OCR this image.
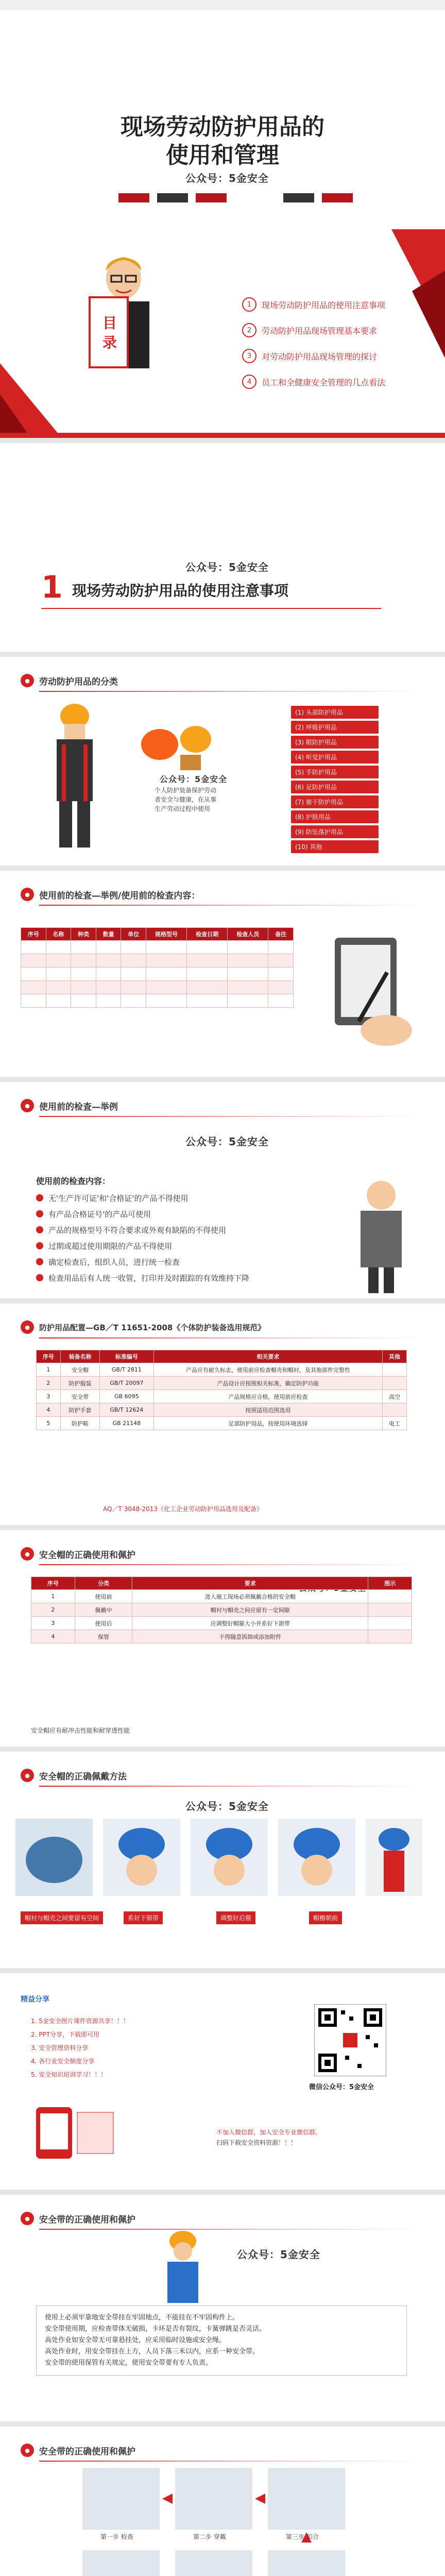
现场劳动防护用品的
使用和管理
公众号：5金安全
目 录
1	现场劳动防护用品的使用注意事项
2	劳动防护用品现场管理基本要求
3	对劳动防护用品现场管理的探讨
4	员工和全健康安全管理的几点看法
公众号：5金安全
1 现场劳动防护用品的使用注意事项
●	劳动防护用品的分类
个人防护装备保护劳动
者安全与健康，在从事
生产劳动过程中使用
公众号：5金安全
(1) 头部防护用品
(2) 呼吸护用品
(3) 眼防护用品
(4) 听觉护用品
(5) 手防护用品
(6) 足防护用品
(7) 躯干防护用品
(8) 护肤用品
(9) 防坠落护用品
(10) 其他
●	使用前的检查—举例/使用前的检查内容：
序号	名称	种类	数量	单位	规格型号	检查日期	检查人员	备注

●	使用前的检查—举例
公众号：5金安全
使用前的检查内容：
无'生产许可证'和'合格证'的产品不得使用
有产品合格证号'的产品可使用
产品的规格型号不符合要求或外观有缺陷的不得使用
过期或超过使用期限的产品不得使用
确定检查后，组织人员，进行统一检查
检查用品后有人统一收管，打印并及时跟踪的有效维持下降
●	防护用品配置—GB／T 11651-2008《个体防护装备选用规范》
序号	装备名称	标准编号	相关要求	其他
1	安全帽	GB/T 2811	产品应有耐久标志，使用前应检查帽壳和帽衬，及其他部件完整性	
2	防护服装	GB/T 20097	产品设计应按照相关标准，确定防护功能	
3	安全带	GB 6095	产品规格应合格，使用前应检查	高空
4	防护手套	GB/T 12624	按照适用范围选用	
5	防护鞋	GB 21148	足部防护用品，按使用环境选择	电工
AQ／T 3048-2013《化工企业劳动防护用品选用及配备》
●	安全帽的正确使用和佩护
序号	分类	要求	图示
1	使用前	进入施工现场必须佩戴合格的安全帽	
2	佩戴中	帽衬与帽壳之间应留有一定间隙	
3	使用后	应调整好帽箍大小并系好下颌带	
4	保管	不得随意拆卸或添加附件	
安全帽应有耐冲击性能和耐穿透性能
●	安全帽的正确佩戴方法
公众号：5金安全
帽衬与帽壳之间要留有空间	系好下颏带	调整好后箍	帽檐朝前
精益分享
1. 5金安全图片课件资源共享！！！
2. PPT分享，下载即可用
3. 安全管理资料分享
4. 各行业安全制度分享
5. 安全知识培训学习！！！
微信公众号：5金安全
不加入微信群，加入安全专业微信群。
扫码下载安全资料资源！！！
●	安全带的正确使用和佩护
公众号：5金安全
使用上必须牢靠地安全带挂在牢固地点，不能挂在不牢固构件上。
安全带使用期，应检查带体无破损，卡环是否有裂纹，卡簧弹跳是否灵活。
高处作业如安全带无可靠悬挂处，应采用临时设施或安全绳。
高处作业时，用安全带挂在上方，人员下落三米以内，应系一种安全带。
安全带的使用保管有关规定，使用安全带要有专人负责。
●	安全带的正确使用和佩护
第一步 检查	第二步 穿戴	第三步 扣合
